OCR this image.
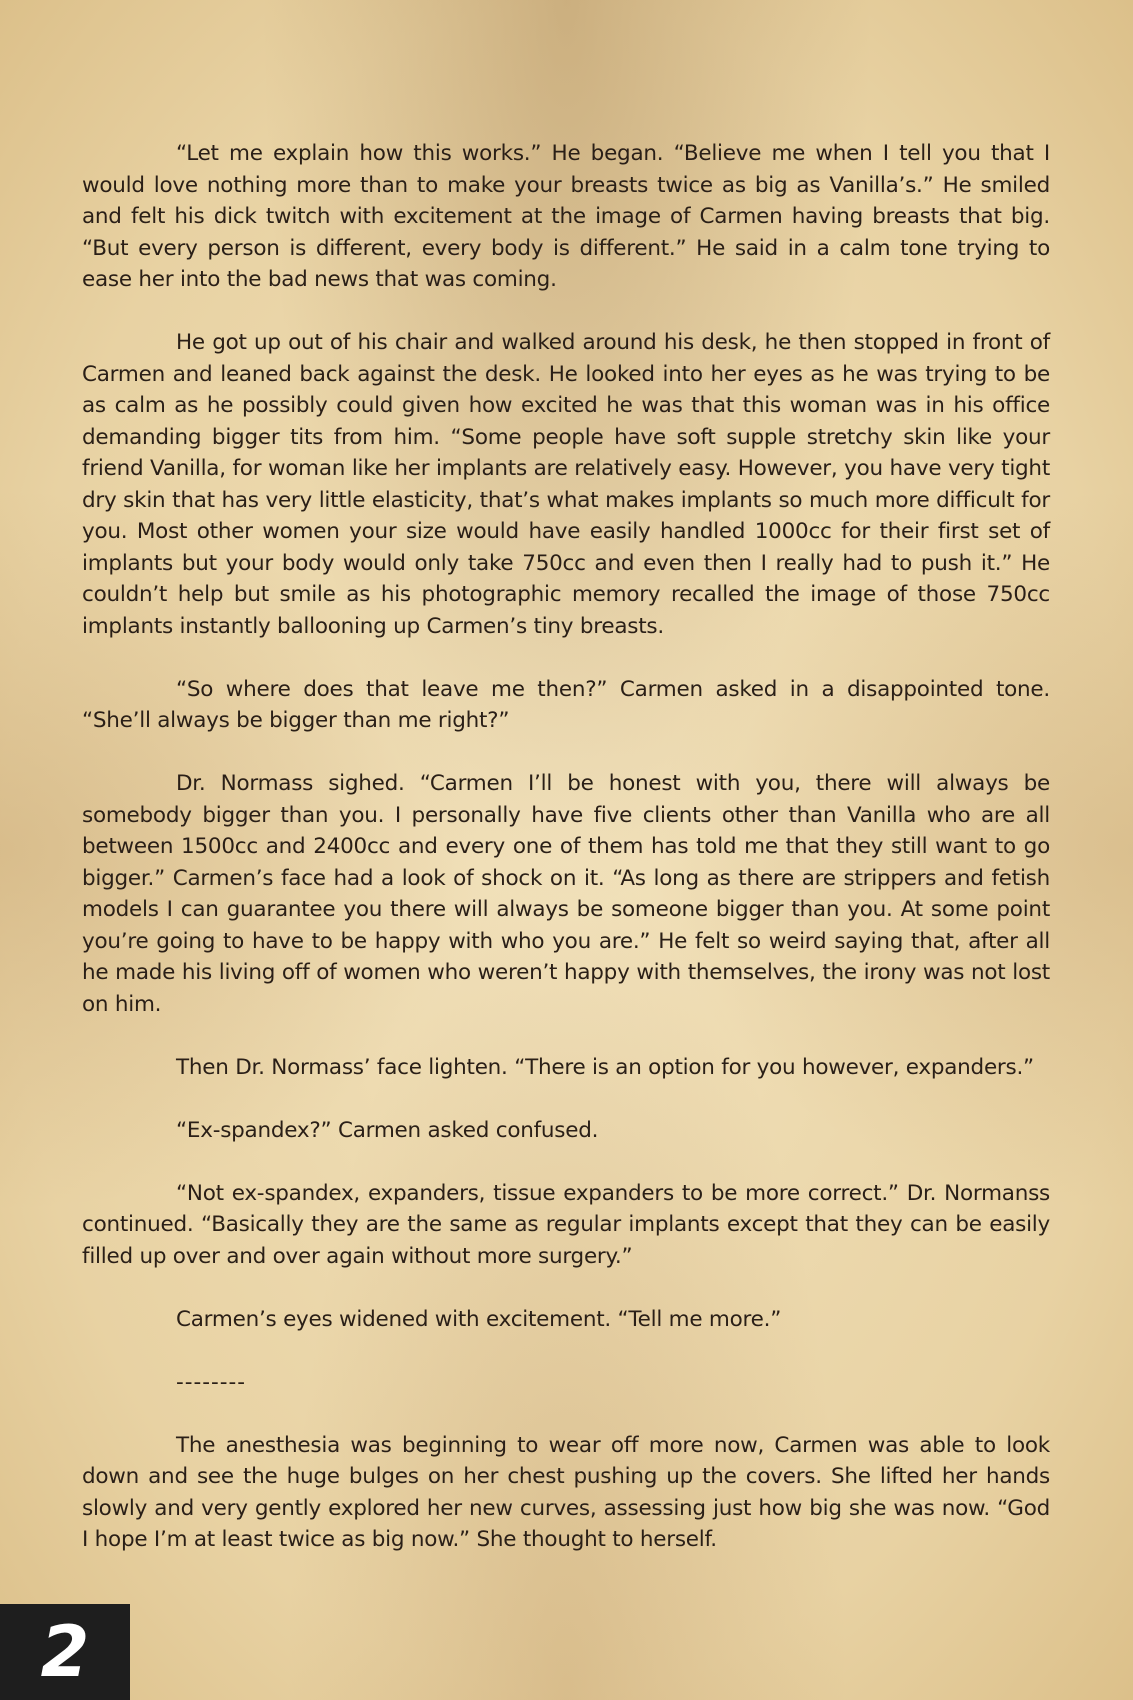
“Let me explain how this works.” He began. “Believe me when I tell you that I would love nothing more than to make your breasts twice as big as Vanilla’s.” He smiled and felt his dick twitch with excitement at the image of Carmen having breasts that big. “But every person is different, every body is different.” He said in a calm tone trying to ease her into the bad news that was coming.

He got up out of his chair and walked around his desk, he then stopped in front of Carmen and leaned back against the desk. He looked into her eyes as he was trying to be as calm as he possibly could given how excited he was that this woman was in his office demanding bigger tits from him. “Some people have soft supple stretchy skin like your friend Vanilla, for woman like her implants are relatively easy. However, you have very tight dry skin that has very little elasticity, that’s what makes implants so much more difficult for you. Most other women your size would have easily handled 1000cc for their first set of implants but your body would only take 750cc and even then I really had to push it.” He couldn’t help but smile as his photographic memory recalled the image of those 750cc implants instantly ballooning up Carmen’s tiny breasts.

“So where does that leave me then?” Carmen asked in a disappointed tone. “She’ll always be bigger than me right?”

Dr. Normass sighed. “Carmen I’ll be honest with you, there will always be somebody bigger than you. I personally have five clients other than Vanilla who are all between 1500cc and 2400cc and every one of them has told me that they still want to go bigger.” Carmen’s face had a look of shock on it. “As long as there are strippers and fetish models I can guarantee you there will always be someone bigger than you. At some point you’re going to have to be happy with who you are.” He felt so weird saying that, after all he made his living off of women who weren’t happy with themselves, the irony was not lost on him.

Then Dr. Normass’ face lighten. “There is an option for you however, expanders.”

“Ex-spandex?” Carmen asked confused.

“Not ex-spandex, expanders, tissue expanders to be more correct.” Dr. Normanss continued. “Basically they are the same as regular implants except that they can be easily filled up over and over again without more surgery.”

Carmen’s eyes widened with excitement. “Tell me more.”

--------

The anesthesia was beginning to wear off more now, Carmen was able to look down and see the huge bulges on her chest pushing up the covers. She lifted her hands slowly and very gently explored her new curves, assessing just how big she was now. “God I hope I’m at least twice as big now.” She thought to herself.

2
